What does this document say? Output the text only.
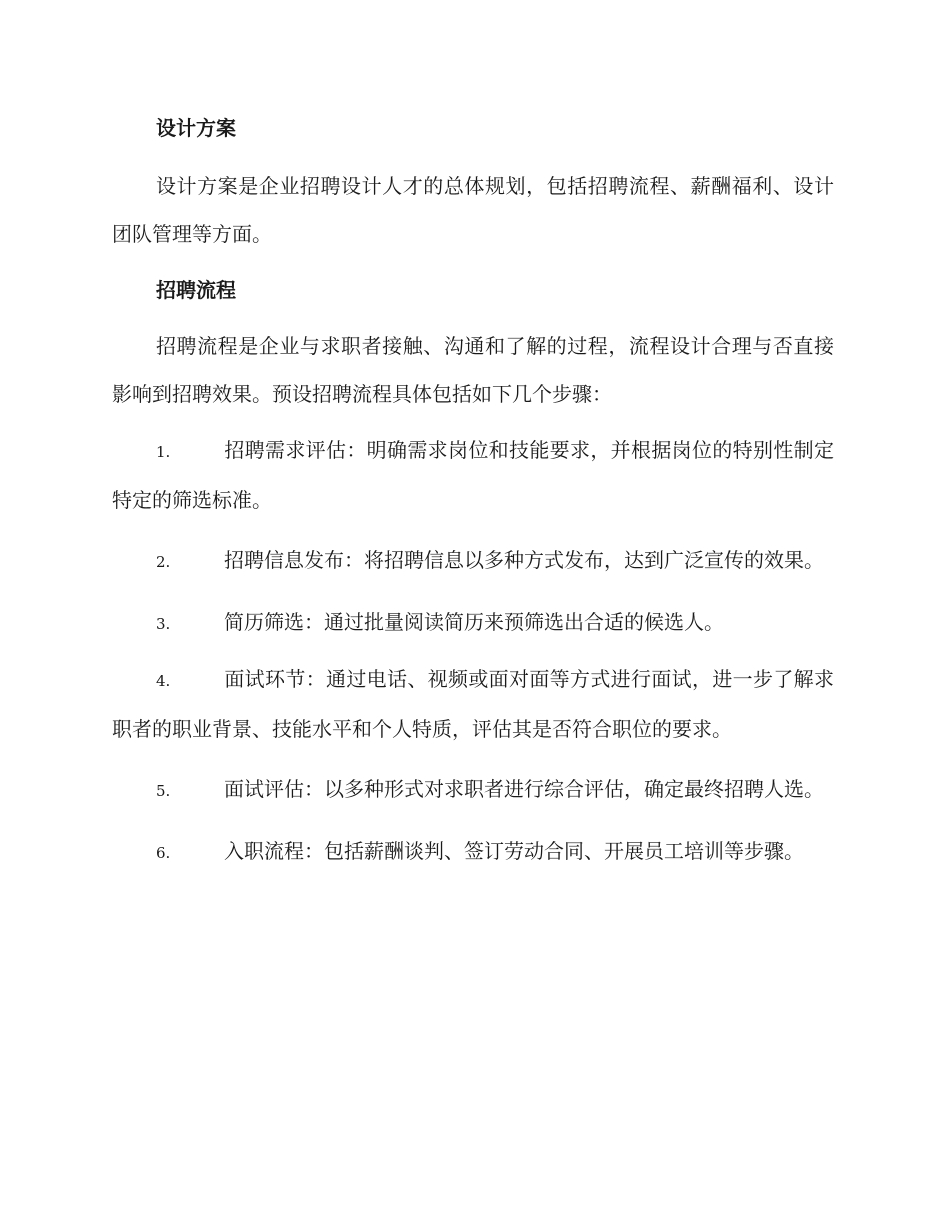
设计方案

设计方案是企业招聘设计人才的总体规划，包括招聘流程、薪酬福利、设计团队管理等方面。

招聘流程

招聘流程是企业与求职者接触、沟通和了解的过程，流程设计合理与否直接影响到招聘效果。预设招聘流程具体包括如下几个步骤：

1.	招聘需求评估：明确需求岗位和技能要求，并根据岗位的特别性制定特定的筛选标准。
2.	招聘信息发布：将招聘信息以多种方式发布，达到广泛宣传的效果。
3.	简历筛选：通过批量阅读简历来预筛选出合适的候选人。
4.	面试环节：通过电话、视频或面对面等方式进行面试，进一步了解求职者的职业背景、技能水平和个人特质，评估其是否符合职位的要求。
5.	面试评估：以多种形式对求职者进行综合评估，确定最终招聘人选。
6.	入职流程：包括薪酬谈判、签订劳动合同、开展员工培训等步骤。
